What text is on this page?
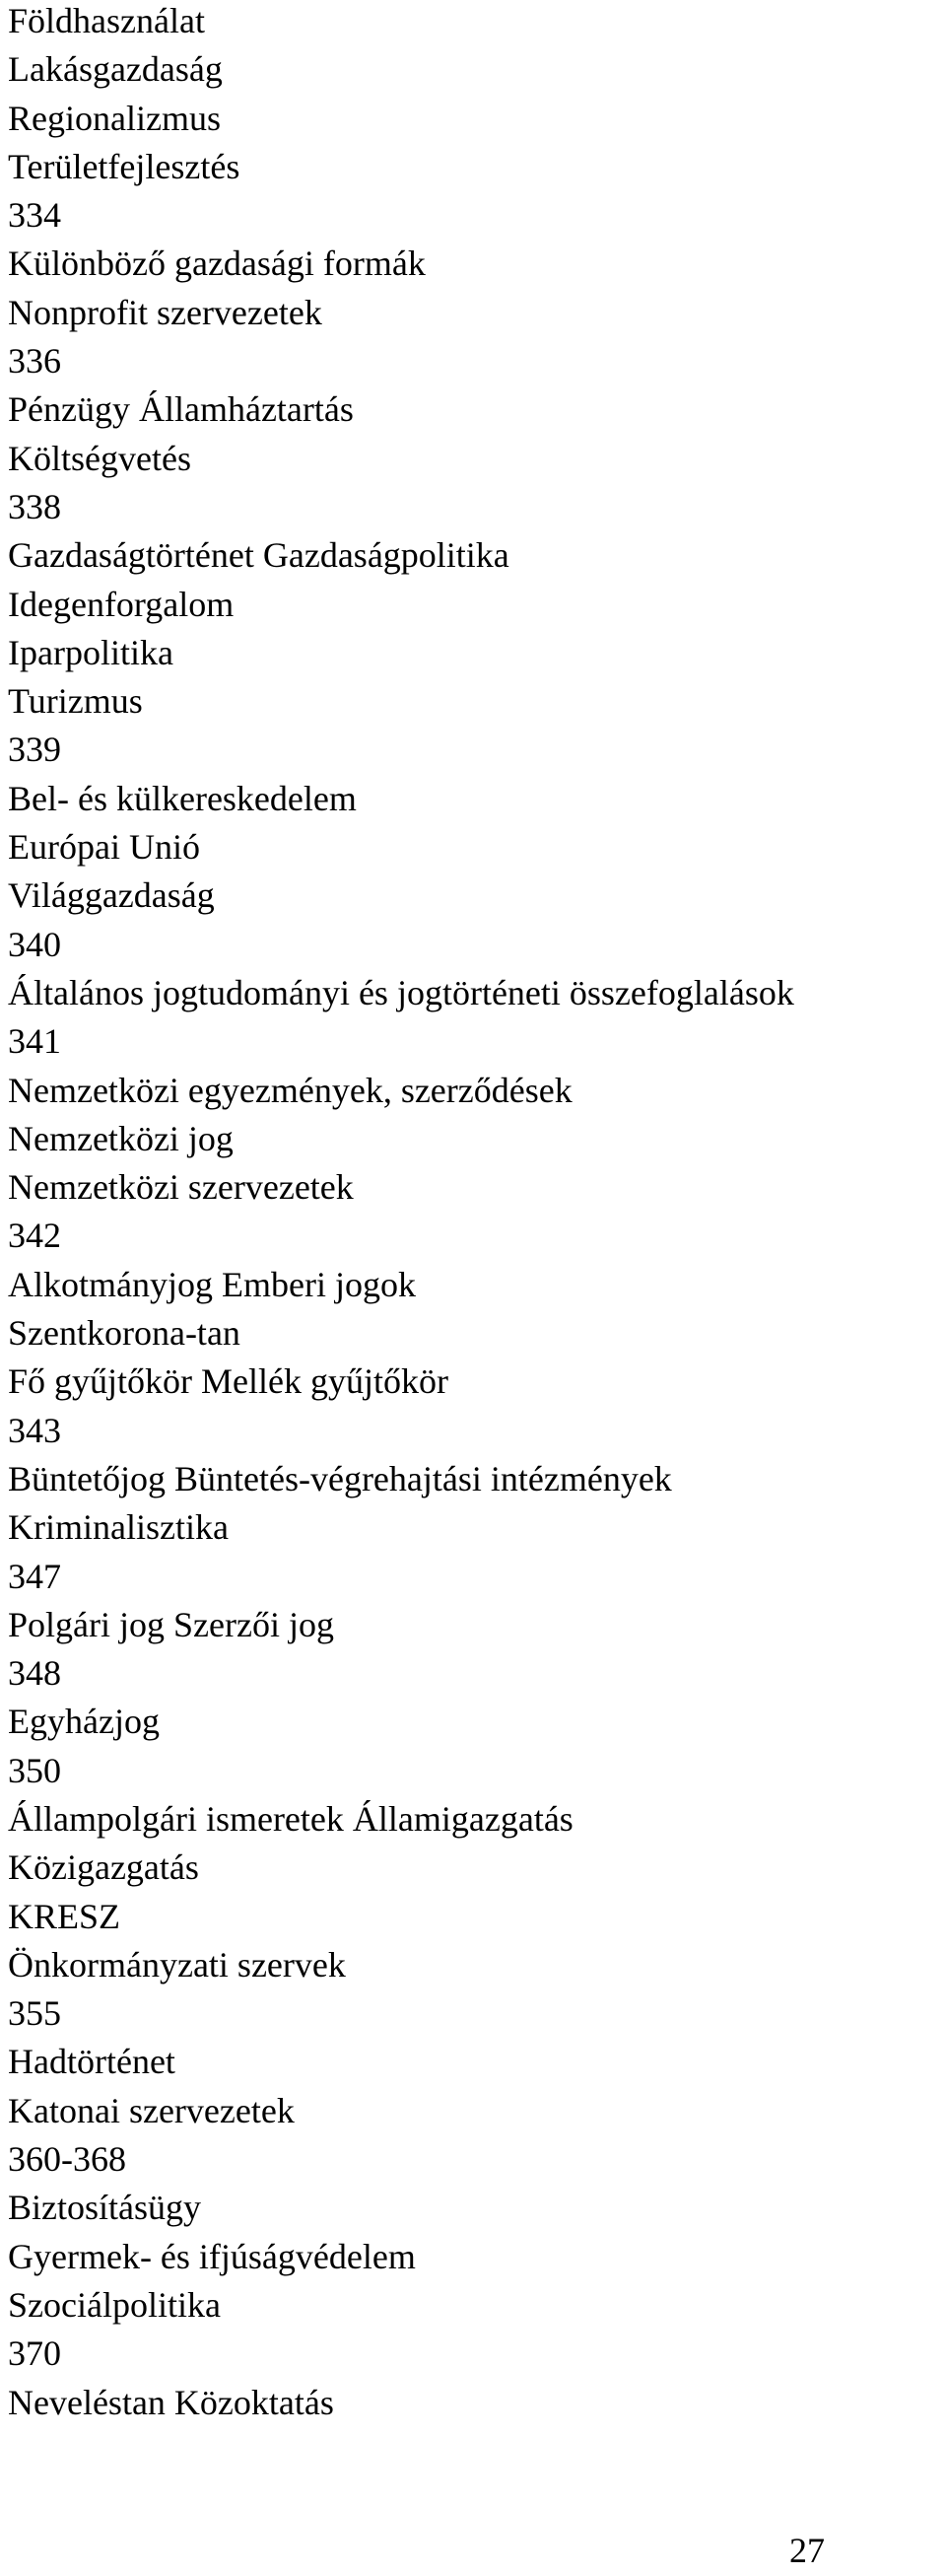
Földhasználat
Lakásgazdaság
Regionalizmus
Területfejlesztés
334
Különböző gazdasági formák
Nonprofit szervezetek
336
Pénzügy Államháztartás
Költségvetés
338
Gazdaságtörténet Gazdaságpolitika
Idegenforgalom
Iparpolitika
Turizmus
339
Bel- és külkereskedelem
Európai Unió
Világgazdaság
340
Általános jogtudományi és jogtörténeti összefoglalások
341
Nemzetközi egyezmények, szerződések
Nemzetközi jog
Nemzetközi szervezetek
342
Alkotmányjog Emberi jogok
Szentkorona-tan
Fő gyűjtőkör Mellék gyűjtőkör
343
Büntetőjog Büntetés-végrehajtási intézmények
Kriminalisztika
347
Polgári jog Szerzői jog
348
Egyházjog
350
Állampolgári ismeretek Államigazgatás
Közigazgatás
KRESZ
Önkormányzati szervek
355
Hadtörténet
Katonai szervezetek
360-368
Biztosításügy
Gyermek- és ifjúságvédelem
Szociálpolitika
370
Neveléstan Közoktatás
27
